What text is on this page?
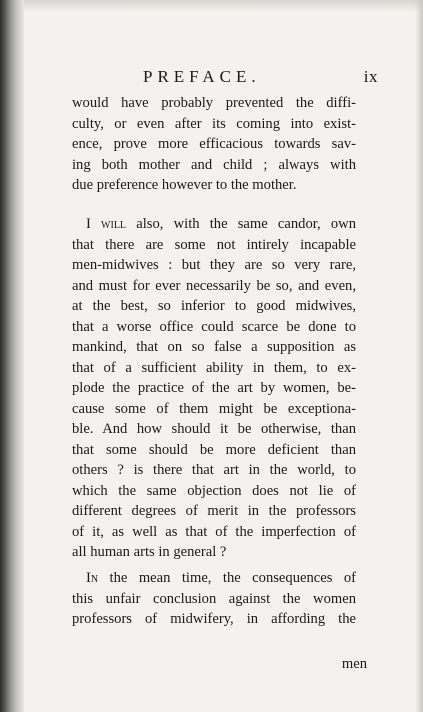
PREFACE.	ix
would have probably prevented the diffi-
culty, or even after its coming into exist-
ence, prove more efficacious towards sav-
ing both mother and child ; always with
due preference however to the mother.
I will also, with the same candor, own
that there are some not intirely incapable
men-midwives : but they are so very rare,
and must for ever necessarily be so, and even,
at the best, so inferior to good midwives,
that a worse office could scarce be done to
mankind, that on so false a supposition as
that of a sufficient ability in them, to ex-
plode the practice of the art by women, be-
cause some of them might be exceptiona-
ble. And how should it be otherwise, than
that some should be more deficient than
others ? is there that art in the world, to
which the same objection does not lie of
different degrees of merit in the professors
of it, as well as that of the imperfection of
all human arts in general ?
In the mean time, the consequences of
this unfair conclusion against the women
professors of midwifery, in affording the
men
